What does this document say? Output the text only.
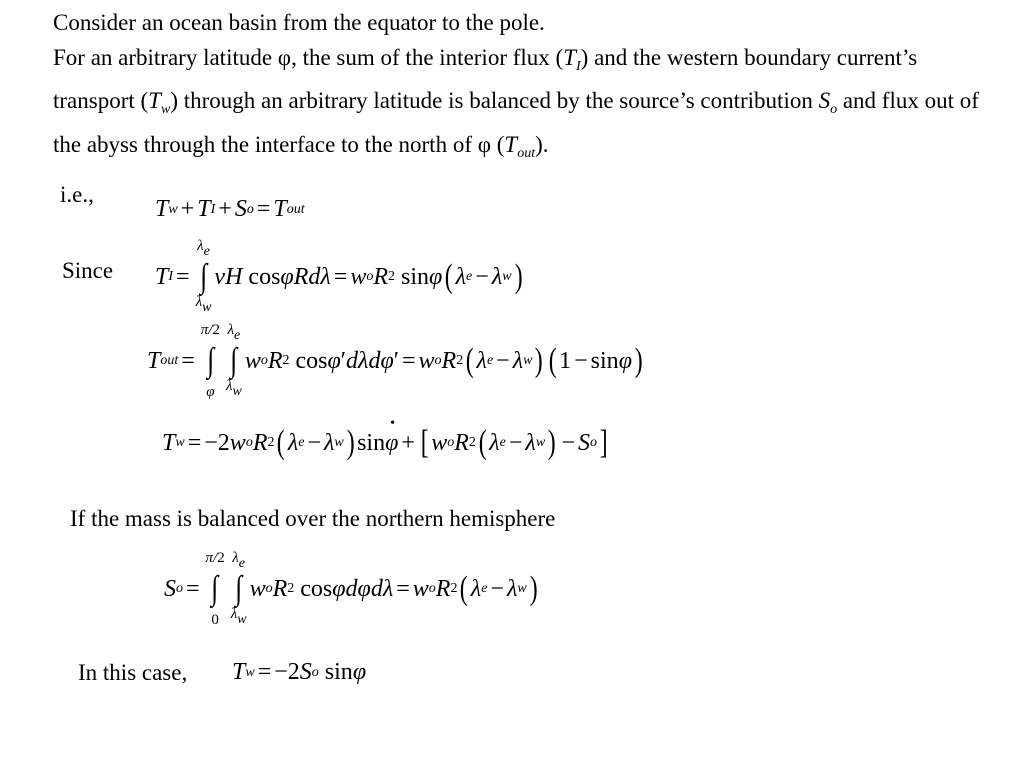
Consider an ocean basin from the equator to the pole.
For an arbitrary latitude φ, the sum of the interior flux $(T_I)$ and the western boundary current’s transport $(T_w)$ through an arbitrary latitude is balanced by the source’s contribution $S_o$ and flux out of the abyss through the interface to the north of φ $(T_{out})$.

i.e.,
T w + T I + S o = T out
Since T I =
$\lambda_e$
∫
$\lambda_w$
v H
cos φ R d λ = w o R 2
sin φ ( λ e − λ w )
T out =
π/2
∫
φ
$\lambda_e$
∫
$\lambda_w$
w o R 2
cos φ ′ d λ d φ ′ = w o R 2 ( λ e − λ w ) ( 1 − sin φ )
T w = − 2 w o R 2 ( λ e − λ w ) sin
• φ + [ w o R 2 ( λ e − λ w ) − S o ]
If the mass is balanced over the northern hemisphere
S o =
π/2
∫
0
$\lambda_e$
∫
$\lambda_w$
w o R 2
cos φ d φ d λ = w o R 2 ( λ e − λ w )
In this case, T w = − 2 S o
sin φ
